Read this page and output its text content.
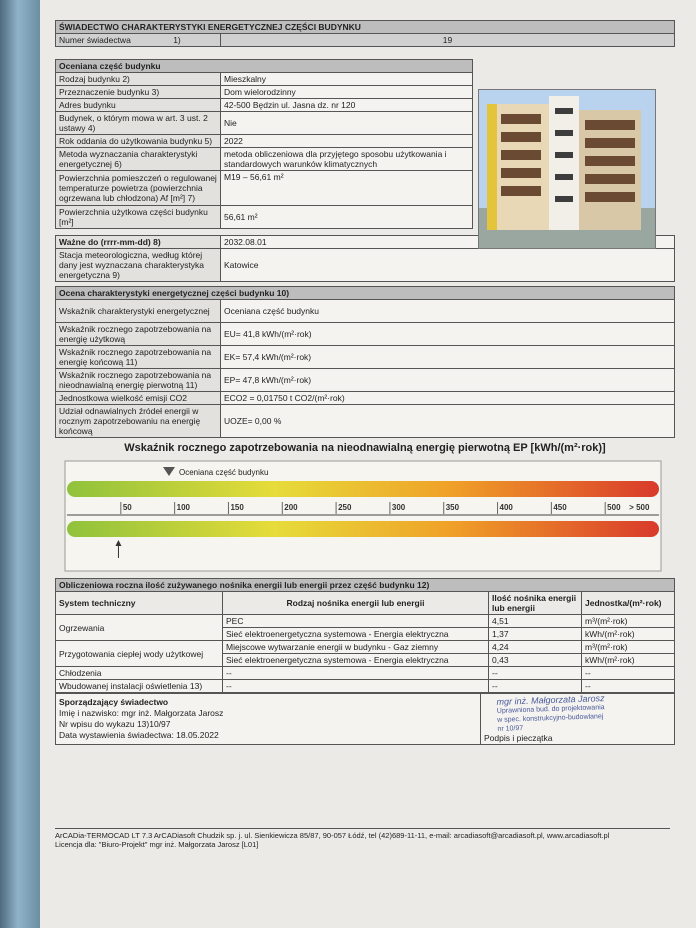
ŚWIADECTWO CHARAKTERYSTYKI ENERGETYCZNEJ CZĘŚCI BUDYNKU
Numer świadectwa	1)	19
Oceniana część budynku	
Rodzaj budynku 2)	Mieszkalny
Przeznaczenie budynku 3)	Dom wielorodzinny
Adres budynku	42-500 Będzin ul. Jasna dz. nr 120
Budynek, o którym mowa w art. 3 ust. 2 ustawy 4)	Nie
Rok oddania do użytkowania budynku 5)	2022
Metoda wyznaczania charakterystyki energetycznej 6)	metoda obliczeniowa dla przyjętego sposobu użytkowania i standardowych warunków klimatycznych
Powierzchnia pomieszczeń o regulowanej temperaturze powietrza (powierzchnia ogrzewana lub chłodzona) Af [m²] 7)	M19 – 56,61 m²
Powierzchnia użytkowa części budynku [m²]	56,61 m²
Ważne do (rrrr-mm-dd) 8)	2032.08.01
Stacja meteorologiczna, według której dany jest wyznaczana charakterystyka energetyczna 9)	Katowice
Ocena charakterystyki energetycznej części budynku 10)	
Wskaźnik charakterystyki energetycznej	Oceniana część budynku
Wskaźnik rocznego zapotrzebowania na energię użytkową	EU= 41,8 kWh/(m²·rok)
Wskaźnik rocznego zapotrzebowania na energię końcową 11)	EK= 57,4 kWh/(m²·rok)
Wskaźnik rocznego zapotrzebowania na nieodnawialną energię pierwotną 11)	EP= 47,8 kWh/(m²·rok)
Jednostkowa wielkość emisji CO2	ECO2 = 0,01750 t CO2/(m²·rok)
Udział odnawialnych źródeł energii w rocznym zapotrzebowaniu na energię końcową	UOZE= 0,00 %
Wskaźnik rocznego zapotrzebowania na nieodnawialną energię pierwotną EP [kWh/(m²·rok)]
Oceniana część budynku
50	100	150	200	250	300	350	400	450	500 > 500
Obliczeniowa roczna ilość zużywanego nośnika energii lub energii przez część budynku 12)			
System techniczny	Rodzaj nośnika energii lub energii	Ilość nośnika energii lub energii	Jednostka/(m²·rok)
Ogrzewania	PEC	4,51	m³/(m²·rok)
	Sieć elektroenergetyczna systemowa - Energia elektryczna	1,37	kWh/(m²·rok)
Przygotowania ciepłej wody użytkowej	Miejscowe wytwarzanie energii w budynku - Gaz ziemny	4,24	m³/(m²·rok)
	Sieć elektroenergetyczna systemowa - Energia elektryczna	0,43	kWh/(m²·rok)
Chłodzenia	--	--	--
Wbudowanej instalacji oświetlenia 13)	--	--	--
Sporządzający świadectwo
Imię i nazwisko: mgr inż. Małgorzata Jarosz
Nr wpisu do wykazu 13)10/97
Data wystawienia świadectwa: 18.05.2022

mgr inż. Małgorzata Jarosz
Uprawniona bud. do projektowania
w spec. konstrukcyjno-budowlanej
nr 10/97
Podpis i pieczątka
ArCADia-TERMOCAD LT 7.3 ArCADiasoft Chudzik sp. j. ul. Sienkiewicza 85/87, 90-057 Łódź, tel (42)689-11-11, e-mail: arcadiasoft@arcadiasoft.pl, www.arcadiasoft.pl
Licencja dla: "Biuro-Projekt" mgr inż. Małgorzata Jarosz [L01]
